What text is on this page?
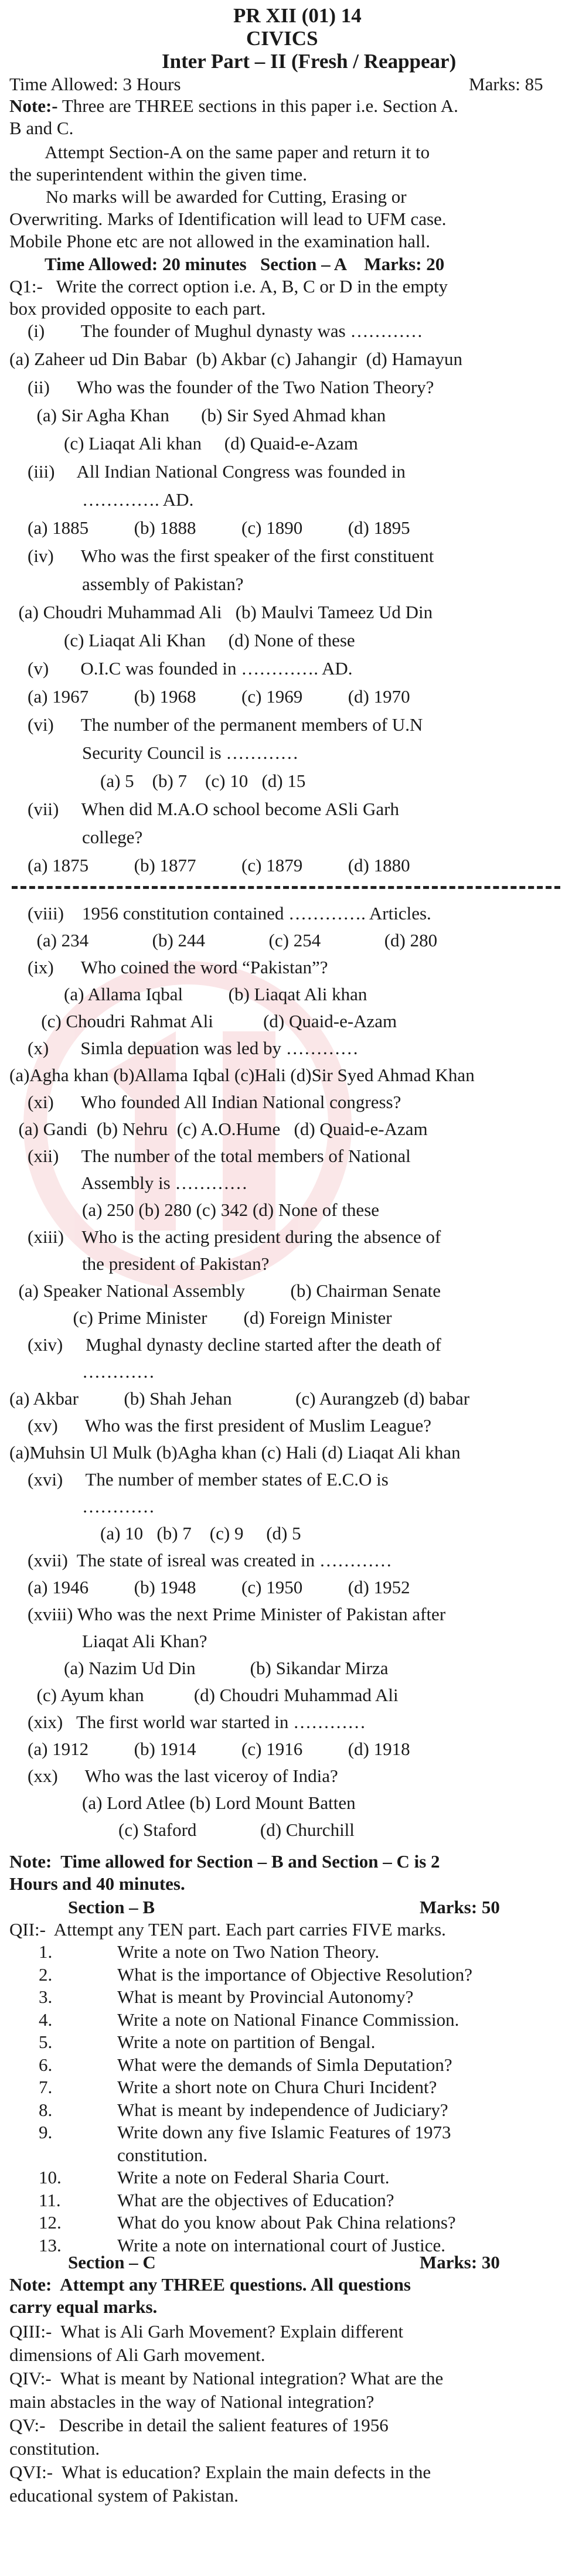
PR XII (01) 14
CIVICS
Inter Part – II (Fresh / Reappear)
Time Allowed: 3 Hours	Marks: 85
Note:- Three are THREE sections in this paper i.e. Section A.
B and C.
Attempt Section-A on the same paper and return it to
the superintendent within the given time.
No marks will be awarded for Cutting, Erasing or
Overwriting. Marks of Identification will lead to UFM case.
Mobile Phone etc are not allowed in the examination hall.
Time Allowed: 20 minutes   Section – A    Marks: 20
Q1:-   Write the correct option i.e. A, B, C or D in the empty
box provided opposite to each part.
(i)        The founder of Mughul dynasty was …………
(a) Zaheer ud Din Babar  (b) Akbar (c) Jahangir  (d) Hamayun
(ii)      Who was the founder of the Two Nation Theory?
(a) Sir Agha Khan       (b) Sir Syed Ahmad khan
(c) Liaqat Ali khan     (d) Quaid-e-Azam
(iii)     All Indian National Congress was founded in
…………. AD.
(a) 1885          (b) 1888          (c) 1890          (d) 1895
(iv)      Who was the first speaker of the first constituent
assembly of Pakistan?
(a) Choudri Muhammad Ali   (b) Maulvi Tameez Ud Din
(c) Liaqat Ali Khan     (d) None of these
(v)       O.I.C was founded in …………. AD.
(a) 1967          (b) 1968          (c) 1969          (d) 1970
(vi)      The number of the permanent members of U.N
Security Council is …………
(a) 5    (b) 7    (c) 10   (d) 15
(vii)     When did M.A.O school become ASli Garh
college?
(a) 1875          (b) 1877          (c) 1879          (d) 1880
(viii)    1956 constitution contained …………. Articles.
(a) 234              (b) 244              (c) 254              (d) 280
(ix)      Who coined the word “Pakistan”?
(a) Allama Iqbal          (b) Liaqat Ali khan
(c) Choudri Rahmat Ali           (d) Quaid-e-Azam
(x)       Simla depuation was led by …………
(a)Agha khan (b)Allama Iqbal (c)Hali (d)Sir Syed Ahmad Khan
(xi)      Who founded All Indian National congress?
(a) Gandi  (b) Nehru  (c) A.O.Hume   (d) Quaid-e-Azam
(xii)     The number of the total members of National
Assembly is …………
(a) 250 (b) 280 (c) 342 (d) None of these
(xiii)    Who is the acting president during the absence of
the president of Pakistan?
(a) Speaker National Assembly          (b) Chairman Senate
(c) Prime Minister        (d) Foreign Minister
(xiv)     Mughal dynasty decline started after the death of
…………
(a) Akbar          (b) Shah Jehan              (c) Aurangzeb (d) babar
(xv)      Who was the first president of Muslim League?
(a)Muhsin Ul Mulk (b)Agha khan (c) Hali (d) Liaqat Ali khan
(xvi)     The number of member states of E.C.O is
…………
(a) 10   (b) 7    (c) 9     (d) 5
(xvii)  The state of isreal was created in …………
(a) 1946          (b) 1948          (c) 1950          (d) 1952
(xviii) Who was the next Prime Minister of Pakistan after
Liaqat Ali Khan?
(a) Nazim Ud Din            (b) Sikandar Mirza
(c) Ayum khan           (d) Choudri Muhammad Ali
(xix)   The first world war started in …………
(a) 1912          (b) 1914          (c) 1916          (d) 1918
(xx)      Who was the last viceroy of India?
(a) Lord Atlee (b) Lord Mount Batten
(c) Staford              (d) Churchill
Note:  Time allowed for Section – B and Section – C is 2
Hours and 40 minutes.
Section – B	Marks: 50
QII:-  Attempt any TEN part. Each part carries FIVE marks.
1.	Write a note on Two Nation Theory.
2.	What is the importance of Objective Resolution?
3.	What is meant by Provincial Autonomy?
4.	Write a note on National Finance Commission.
5.	Write a note on partition of Bengal.
6.	What were the demands of Simla Deputation?
7.	Write a short note on Chura Churi Incident?
8.	What is meant by independence of Judiciary?
9.	Write down any five Islamic Features of 1973
constitution.
10.	Write a note on Federal Sharia Court.
11.	What are the objectives of Education?
12.	What do you know about Pak China relations?
13.	Write a note on international court of Justice.
Section – C	Marks: 30
Note:  Attempt any THREE questions. All questions
carry equal marks.
QIII:-  What is Ali Garh Movement? Explain different
dimensions of Ali Garh movement.
QIV:-  What is meant by National integration? What are the
main abstacles in the way of National integration?
QV:-   Describe in detail the salient features of 1956
constitution.
QVI:-  What is education? Explain the main defects in the
educational system of Pakistan.
